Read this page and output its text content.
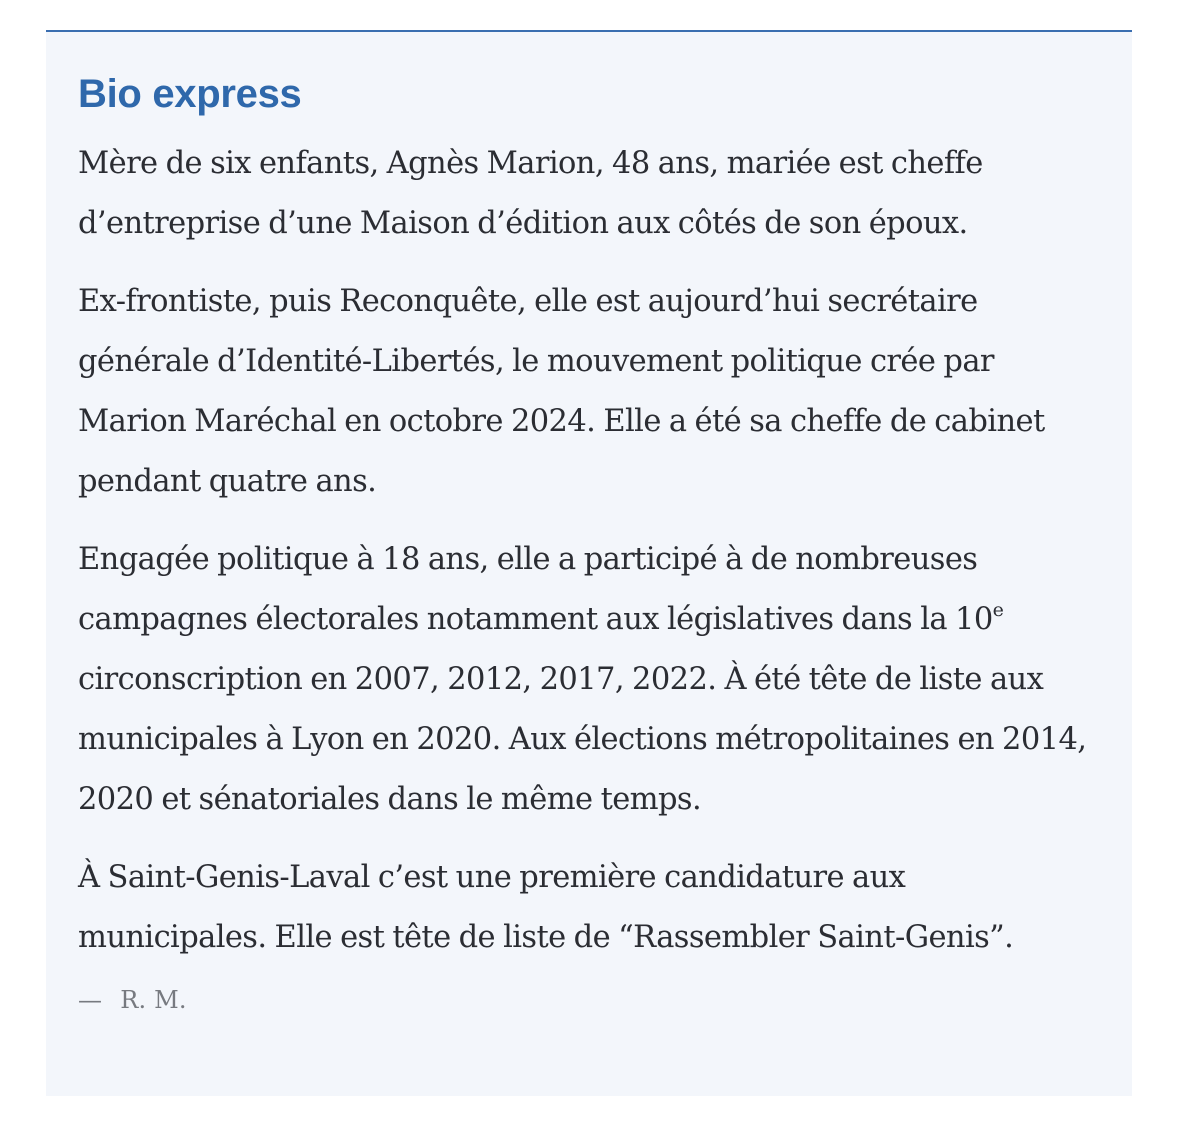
Bio express

Mère de six enfants, Agnès Marion, 48 ans, mariée est cheffe d’entreprise d’une Maison d’édition aux côtés de son époux.

Ex-frontiste, puis Reconquête, elle est aujourd’hui secrétaire générale d’Identité-Libertés, le mouvement politique crée par Marion Maréchal en octobre 2024. Elle a été sa cheffe de cabinet pendant quatre ans.

Engagée politique à 18 ans, elle a participé à de nombreuses campagnes électorales notamment aux législatives dans la 10e circonscription en 2007, 2012, 2017, 2022. À été tête de liste aux municipales à Lyon en 2020. Aux élections métropolitaines en 2014, 2020 et sénatoriales dans le même temps.

À Saint-Genis-Laval c’est une première candidature aux municipales. Elle est tête de liste de “Rassembler Saint-Genis”.

— R. M.
